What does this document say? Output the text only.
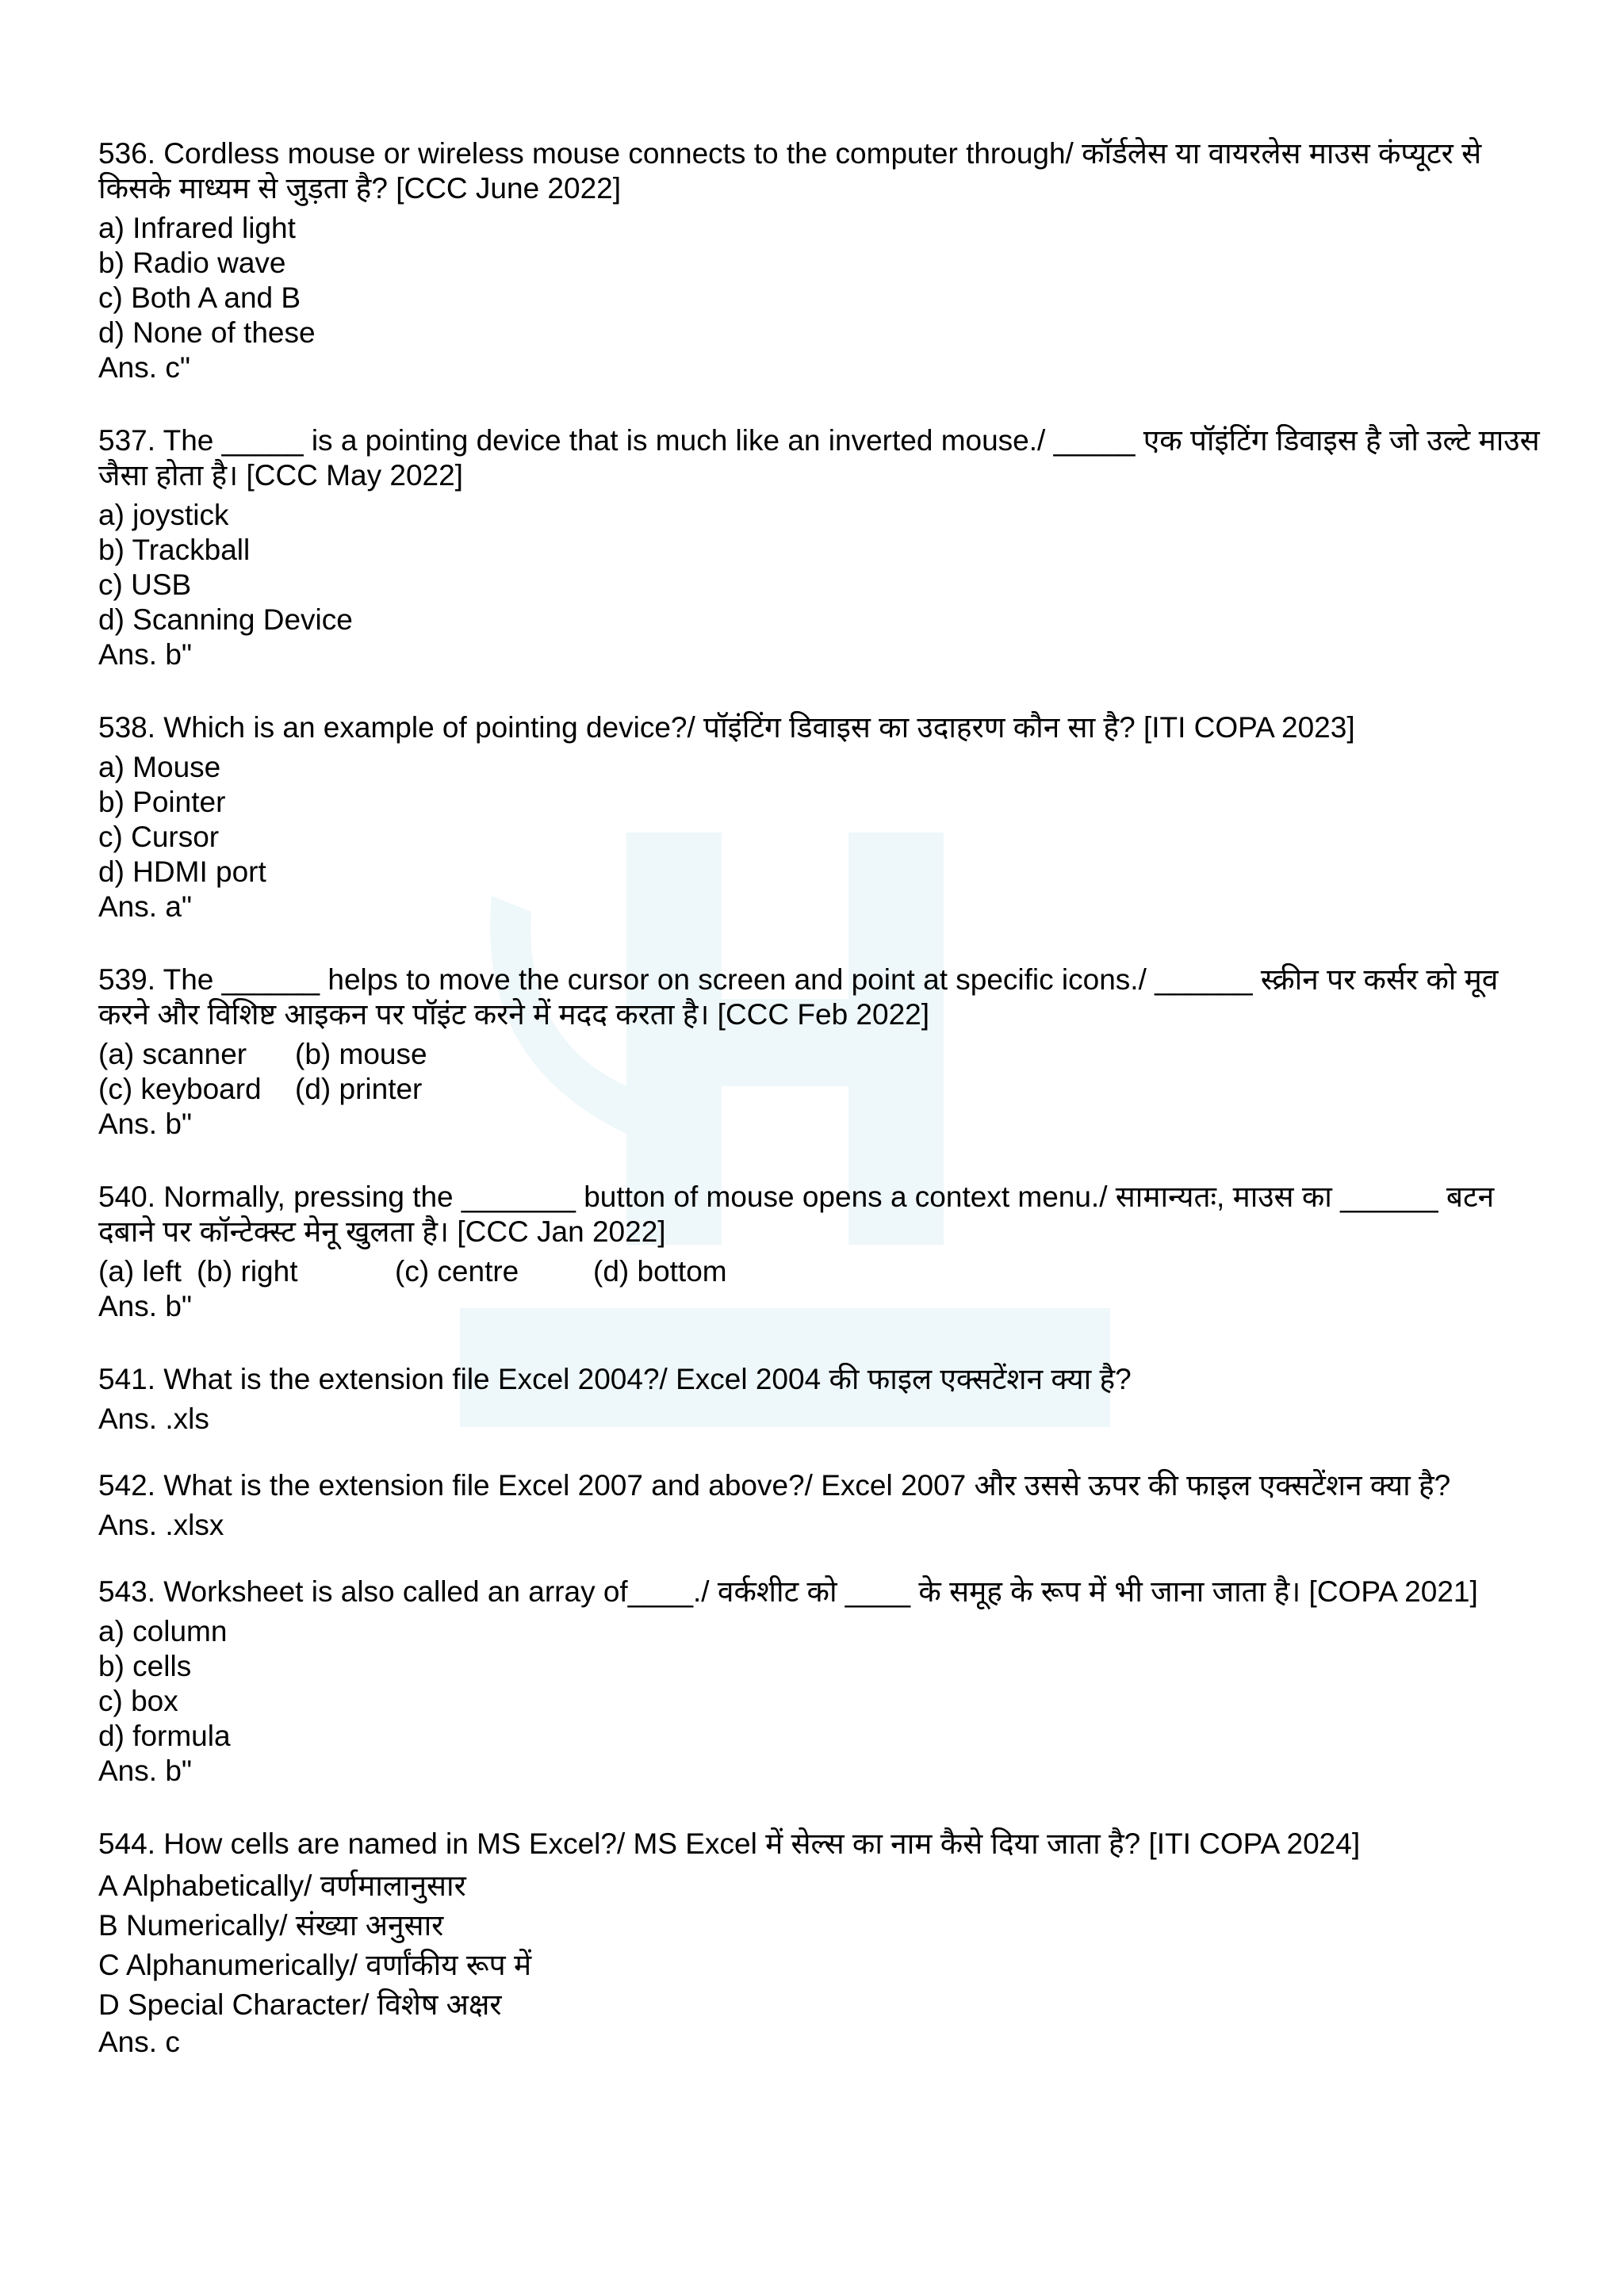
536. Cordless mouse or wireless mouse connects to the computer through/ कॉर्डलेस या वायरलेस माउस कंप्यूटर से किसके माध्यम से जुड़ता है? [CCC June 2022]

a) Infrared light

b) Radio wave

c) Both A and B

d) None of these

Ans. c"

537. The _____ is a pointing device that is much like an inverted mouse./ _____ एक पॉइंटिंग डिवाइस है जो उल्टे माउस जैसा होता है। [CCC May 2022]

a) joystick

b) Trackball

c) USB

d) Scanning Device

Ans. b"

538. Which is an example of pointing device?/ पॉइंटिंग डिवाइस का उदाहरण कौन सा है? [ITI COPA 2023]

a) Mouse

b) Pointer

c) Cursor

d) HDMI port

Ans. a"

539. The ______ helps to move the cursor on screen and point at specific icons./ ______ स्क्रीन पर कर्सर को मूव करने और विशिष्ट आइकन पर पॉइंट करने में मदद करता है। [CCC Feb 2022]

(a) scanner (b) mouse

(c) keyboard (d) printer

Ans. b"

540. Normally, pressing the _______ button of mouse opens a context menu./ सामान्यतः, माउस का ______ बटन दबाने पर कॉन्टेक्स्ट मेनू खुलता है। [CCC Jan 2022]

(a) left (b) right	(c) centre	(d) bottom

Ans. b"

541. What is the extension file Excel 2004?/ Excel 2004 की फाइल एक्सटेंशन क्या है?

Ans. .xls

542. What is the extension file Excel 2007 and above?/ Excel 2007 और उससे ऊपर की फाइल एक्सटेंशन क्या है?

Ans. .xlsx

543. Worksheet is also called an array of____./ वर्कशीट को ____ के समूह के रूप में भी जाना जाता है। [COPA 2021]

a) column

b) cells

c) box

d) formula

Ans. b"

544. How cells are named in MS Excel?/ MS Excel में सेल्स का नाम कैसे दिया जाता है? [ITI COPA 2024]

A Alphabetically/ वर्णमालानुसार

B Numerically/ संख्या अनुसार

C Alphanumerically/ वर्णांकीय रूप में

D Special Character/ विशेष अक्षर

Ans. c
